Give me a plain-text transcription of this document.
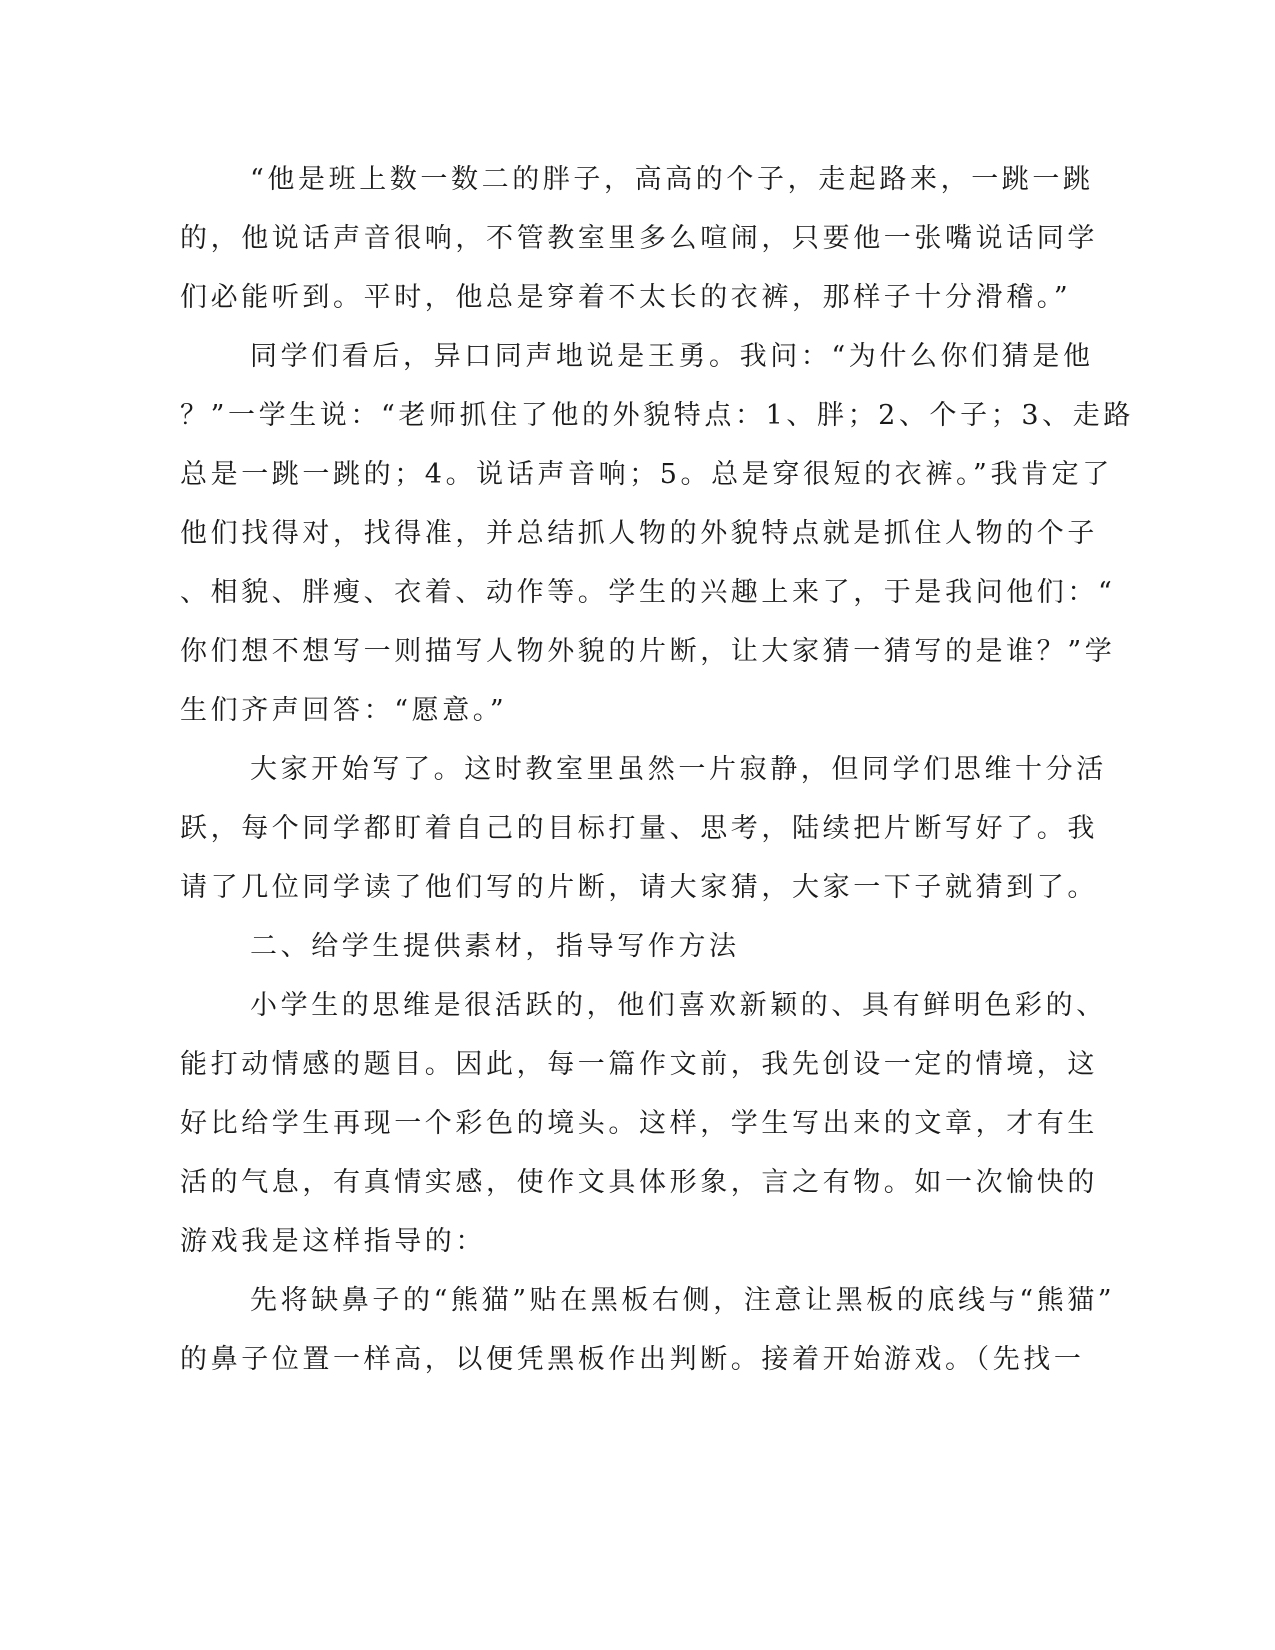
“他是班上数一数二的胖子，高高的个子，走起路来，一跳一跳
的，他说话声音很响，不管教室里多么喧闹，只要他一张嘴说话同学
们必能听到。平时，他总是穿着不太长的衣裤，那样子十分滑稽。”
同学们看后，异口同声地说是王勇。我问：“为什么你们猜是他
？”一学生说：“老师抓住了他的外貌特点：1、胖；2、个子；3、走路
总是一跳一跳的；4。说话声音响；5。总是穿很短的衣裤。”我肯定了
他们找得对，找得准，并总结抓人物的外貌特点就是抓住人物的个子
、相貌、胖瘦、衣着、动作等。学生的兴趣上来了，于是我问他们：“
你们想不想写一则描写人物外貌的片断，让大家猜一猜写的是谁？”学
生们齐声回答：“愿意。”
大家开始写了。这时教室里虽然一片寂静，但同学们思维十分活
跃，每个同学都盯着自己的目标打量、思考，陆续把片断写好了。我
请了几位同学读了他们写的片断，请大家猜，大家一下子就猜到了。
二、给学生提供素材，指导写作方法
小学生的思维是很活跃的，他们喜欢新颖的、具有鲜明色彩的、
能打动情感的题目。因此，每一篇作文前，我先创设一定的情境，这
好比给学生再现一个彩色的境头。这样，学生写出来的文章，才有生
活的气息，有真情实感，使作文具体形象，言之有物。如一次愉快的
游戏我是这样指导的：
先将缺鼻子的“熊猫”贴在黑板右侧，注意让黑板的底线与“熊猫”
的鼻子位置一样高，以便凭黑板作出判断。接着开始游戏。（先找一
